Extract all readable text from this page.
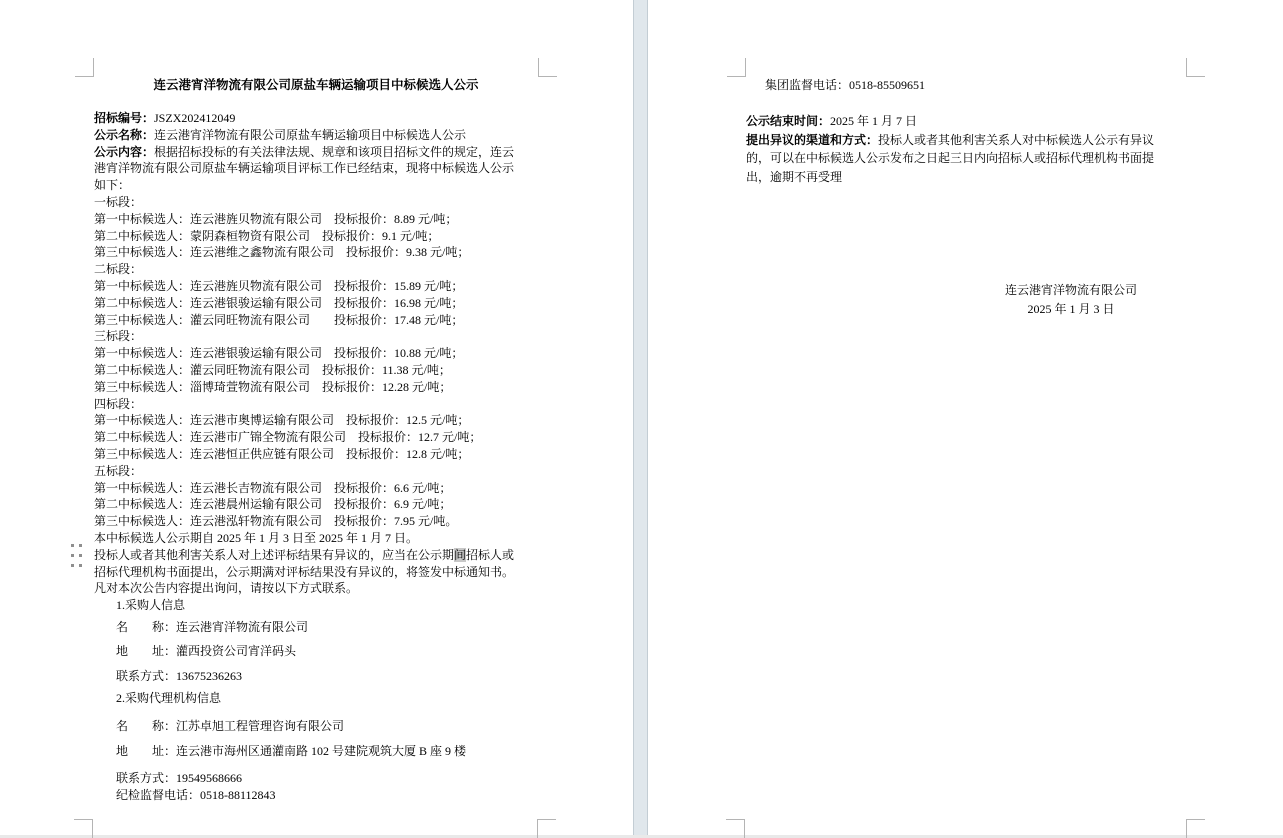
连云港宵洋物流有限公司原盐车辆运输项目中标候选人公示
招标编号：JSZX202412049
公示名称：连云港宵洋物流有限公司原盐车辆运输项目中标候选人公示
公示内容：根据招标投标的有关法律法规、规章和该项目招标文件的规定，连云
港宵洋物流有限公司原盐车辆运输项目评标工作已经结束，现将中标候选人公示
如下：
一标段：
第一中标候选人：连云港旌贝物流有限公司　投标报价：8.89 元/吨；
第二中标候选人：蒙阴森桓物资有限公司　投标报价：9.1 元/吨；
第三中标候选人：连云港维之鑫物流有限公司　投标报价：9.38 元/吨；
二标段：
第一中标候选人：连云港旌贝物流有限公司　投标报价：15.89 元/吨；
第二中标候选人：连云港银骏运输有限公司　投标报价：16.98 元/吨；
第三中标候选人：灌云同旺物流有限公司　　投标报价：17.48 元/吨；
三标段：
第一中标候选人：连云港银骏运输有限公司　投标报价：10.88 元/吨；
第二中标候选人：灌云同旺物流有限公司　投标报价：11.38 元/吨；
第三中标候选人：淄博琦萱物流有限公司　投标报价：12.28 元/吨；
四标段：
第一中标候选人：连云港市奥博运输有限公司　投标报价：12.5 元/吨；
第二中标候选人：连云港市广锦全物流有限公司　投标报价：12.7 元/吨；
第三中标候选人：连云港恒正供应链有限公司　投标报价：12.8 元/吨；
五标段：
第一中标候选人：连云港长吉物流有限公司　投标报价：6.6 元/吨；
第二中标候选人：连云港晨州运输有限公司　投标报价：6.9 元/吨；
第三中标候选人：连云港泓轩物流有限公司　投标报价：7.95 元/吨。
本中标候选人公示期自 2025 年 1 月 3 日至 2025 年 1 月 7 日。
投标人或者其他利害关系人对上述评标结果有异议的，应当在公示期间招标人或
招标代理机构书面提出，公示期满对评标结果没有异议的，将签发中标通知书。
凡对本次公告内容提出询问，请按以下方式联系。
1.采购人信息
名　　称：连云港宵洋物流有限公司
地　　址：灌西投资公司宵洋码头
联系方式：13675236263
2.采购代理机构信息
名　　称：江苏卓旭工程管理咨询有限公司
地　　址：连云港市海州区通灌南路 102 号建院观筑大厦 B 座 9 楼
联系方式：19549568666
纪检监督电话：0518-88112843
集团监督电话：0518-85509651
公示结束时间：2025 年 1 月 7 日
提出异议的渠道和方式：投标人或者其他利害关系人对中标候选人公示有异议
的，可以在中标候选人公示发布之日起三日内向招标人或招标代理机构书面提
出，逾期不再受理
连云港宵洋物流有限公司
2025 年 1 月 3 日
